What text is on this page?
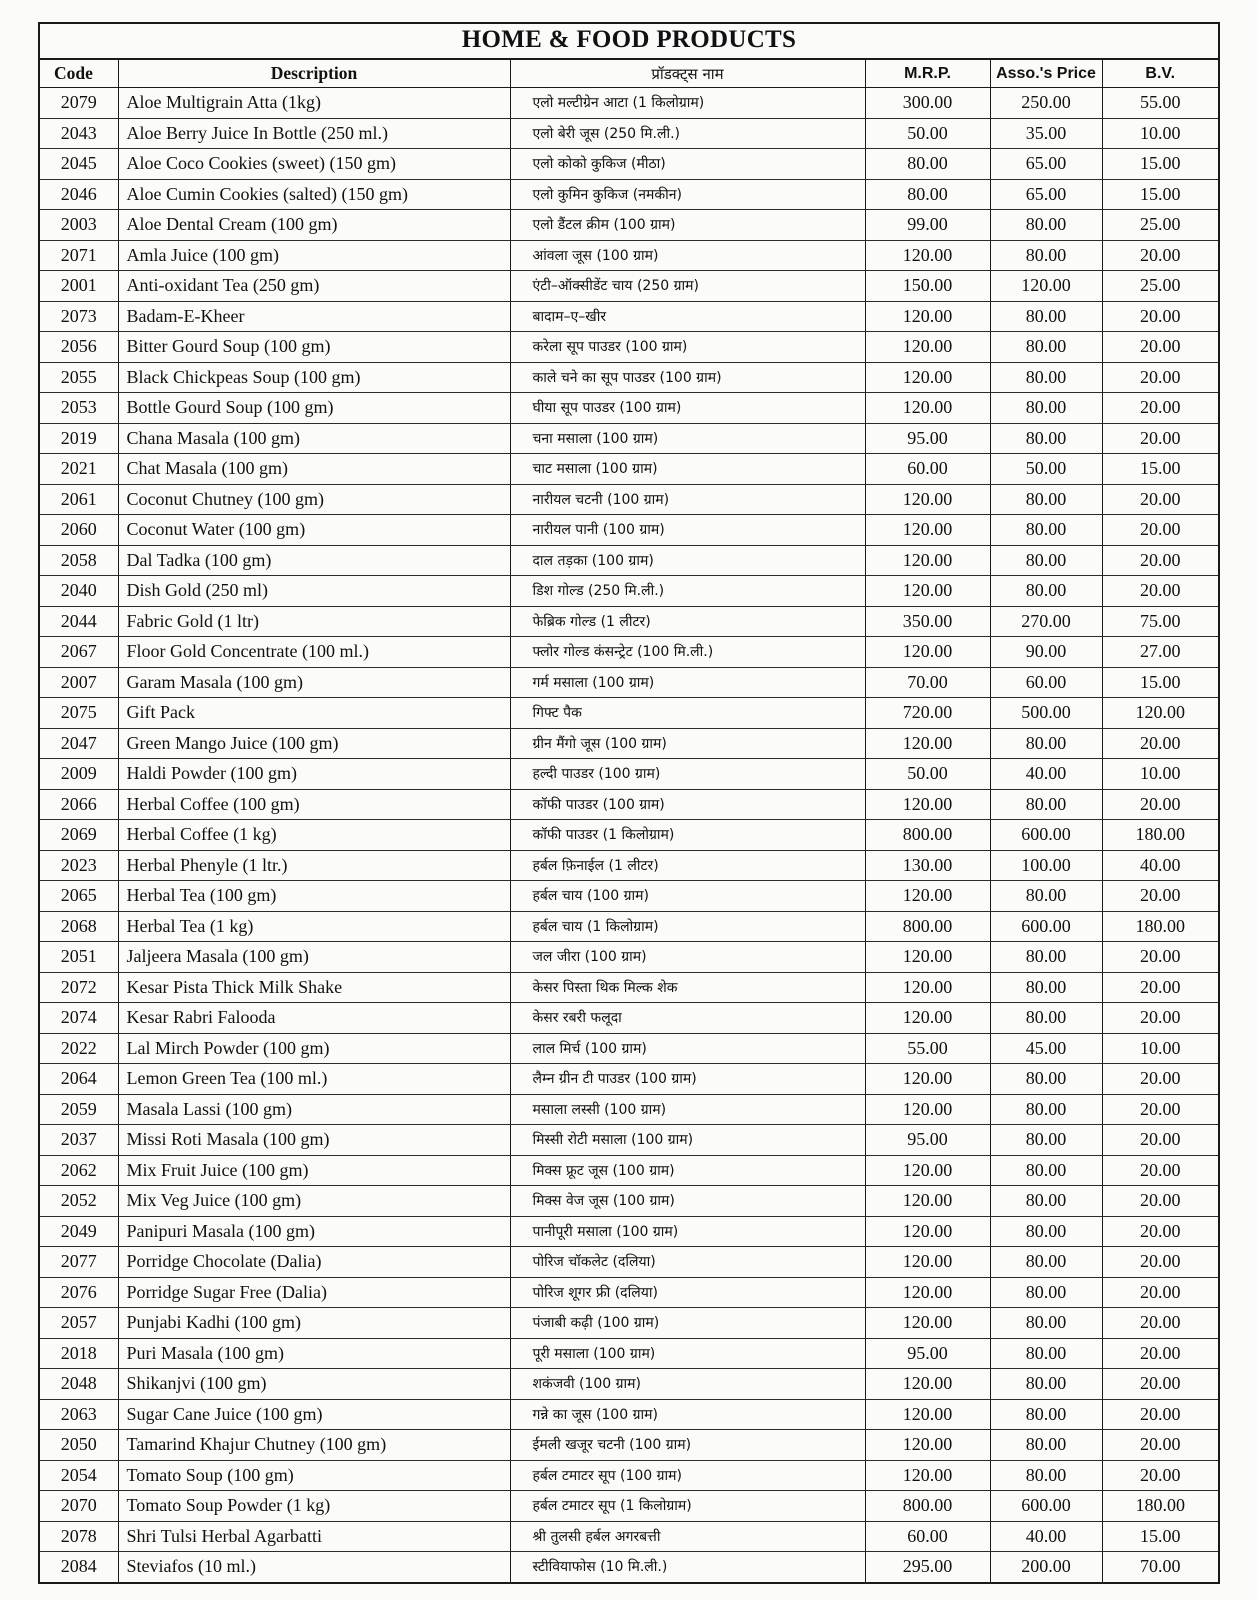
HOME & FOOD PRODUCTS
Code	Description	प्रॉडक्ट्स नाम	M.R.P.	Asso.'s Price	B.V.
2079	Aloe Multigrain Atta (1kg)	एलो मल्टीग्रेन आटा (1 किलोग्राम)	300.00	250.00	55.00
2043	Aloe Berry Juice In Bottle (250 ml.)	एलो बेरी जूस (250 मि.ली.)	50.00	35.00	10.00
2045	Aloe Coco Cookies (sweet) (150 gm)	एलो कोको कुकिज (मीठा)	80.00	65.00	15.00
2046	Aloe Cumin Cookies (salted) (150 gm)	एलो कुमिन कुकिज (नमकीन)	80.00	65.00	15.00
2003	Aloe Dental Cream (100 gm)	एलो डैंटल क्रीम (100 ग्राम)	99.00	80.00	25.00
2071	Amla Juice (100 gm)	आंवला जूस (100 ग्राम)	120.00	80.00	20.00
2001	Anti-oxidant Tea (250 gm)	एंटी–ऑक्सीडेंट चाय (250 ग्राम)	150.00	120.00	25.00
2073	Badam-E-Kheer	बादाम–ए–खीर	120.00	80.00	20.00
2056	Bitter Gourd Soup (100 gm)	करेला सूप पाउडर (100 ग्राम)	120.00	80.00	20.00
2055	Black Chickpeas Soup (100 gm)	काले चने का सूप पाउडर (100 ग्राम)	120.00	80.00	20.00
2053	Bottle Gourd Soup (100 gm)	घीया सूप पाउडर (100 ग्राम)	120.00	80.00	20.00
2019	Chana Masala (100 gm)	चना मसाला (100 ग्राम)	95.00	80.00	20.00
2021	Chat Masala (100 gm)	चाट मसाला (100 ग्राम)	60.00	50.00	15.00
2061	Coconut Chutney (100 gm)	नारीयल चटनी (100 ग्राम)	120.00	80.00	20.00
2060	Coconut Water (100 gm)	नारीयल पानी (100 ग्राम)	120.00	80.00	20.00
2058	Dal Tadka (100 gm)	दाल तड़का (100 ग्राम)	120.00	80.00	20.00
2040	Dish Gold (250 ml)	डिश गोल्ड (250 मि.ली.)	120.00	80.00	20.00
2044	Fabric Gold (1 ltr)	फेब्रिक गोल्ड (1 लीटर)	350.00	270.00	75.00
2067	Floor Gold Concentrate (100 ml.)	फ्लोर गोल्ड कंसन्ट्रेट (100 मि.ली.)	120.00	90.00	27.00
2007	Garam Masala (100 gm)	गर्म मसाला (100 ग्राम)	70.00	60.00	15.00
2075	Gift Pack	गिफ्ट पैक	720.00	500.00	120.00
2047	Green Mango Juice (100 gm)	ग्रीन मैंगो जूस (100 ग्राम)	120.00	80.00	20.00
2009	Haldi Powder (100 gm)	हल्दी पाउडर (100 ग्राम)	50.00	40.00	10.00
2066	Herbal Coffee (100 gm)	कॉफी पाउडर (100 ग्राम)	120.00	80.00	20.00
2069	Herbal Coffee (1 kg)	कॉफी पाउडर (1 किलोग्राम)	800.00	600.00	180.00
2023	Herbal Phenyle (1 ltr.)	हर्बल फ़िनाईल (1 लीटर)	130.00	100.00	40.00
2065	Herbal Tea (100 gm)	हर्बल चाय (100 ग्राम)	120.00	80.00	20.00
2068	Herbal Tea (1 kg)	हर्बल चाय (1 किलोग्राम)	800.00	600.00	180.00
2051	Jaljeera Masala (100 gm)	जल जीरा (100 ग्राम)	120.00	80.00	20.00
2072	Kesar Pista Thick Milk Shake	केसर पिस्ता थिक मिल्क शेक	120.00	80.00	20.00
2074	Kesar Rabri Falooda	केसर रबरी फलूदा	120.00	80.00	20.00
2022	Lal Mirch Powder (100 gm)	लाल मिर्च (100 ग्राम)	55.00	45.00	10.00
2064	Lemon Green Tea (100 ml.)	लैम्न ग्रीन टी पाउडर (100 ग्राम)	120.00	80.00	20.00
2059	Masala Lassi (100 gm)	मसाला लस्सी (100 ग्राम)	120.00	80.00	20.00
2037	Missi Roti Masala (100 gm)	मिस्सी रोटी मसाला (100 ग्राम)	95.00	80.00	20.00
2062	Mix Fruit Juice (100 gm)	मिक्स फ्रूट जूस (100 ग्राम)	120.00	80.00	20.00
2052	Mix Veg Juice (100 gm)	मिक्स वेज जूस (100 ग्राम)	120.00	80.00	20.00
2049	Panipuri Masala (100 gm)	पानीपूरी मसाला (100 ग्राम)	120.00	80.00	20.00
2077	Porridge Chocolate (Dalia)	पोरिज चॉकलेट (दलिया)	120.00	80.00	20.00
2076	Porridge Sugar Free (Dalia)	पोरिज शूगर फ्री (दलिया)	120.00	80.00	20.00
2057	Punjabi Kadhi (100 gm)	पंजाबी कढ़ी (100 ग्राम)	120.00	80.00	20.00
2018	Puri Masala (100 gm)	पूरी मसाला (100 ग्राम)	95.00	80.00	20.00
2048	Shikanjvi (100 gm)	शकंजवी (100 ग्राम)	120.00	80.00	20.00
2063	Sugar Cane Juice (100 gm)	गन्ने का जूस (100 ग्राम)	120.00	80.00	20.00
2050	Tamarind Khajur Chutney (100 gm)	ईमली खजूर चटनी (100 ग्राम)	120.00	80.00	20.00
2054	Tomato Soup (100 gm)	हर्बल टमाटर सूप (100 ग्राम)	120.00	80.00	20.00
2070	Tomato Soup Powder (1 kg)	हर्बल टमाटर सूप (1 किलोग्राम)	800.00	600.00	180.00
2078	Shri Tulsi Herbal Agarbatti	श्री तुलसी हर्बल अगरबत्ती	60.00	40.00	15.00
2084	Steviafos (10 ml.)	स्टीवियाफोस (10 मि.ली.)	295.00	200.00	70.00
